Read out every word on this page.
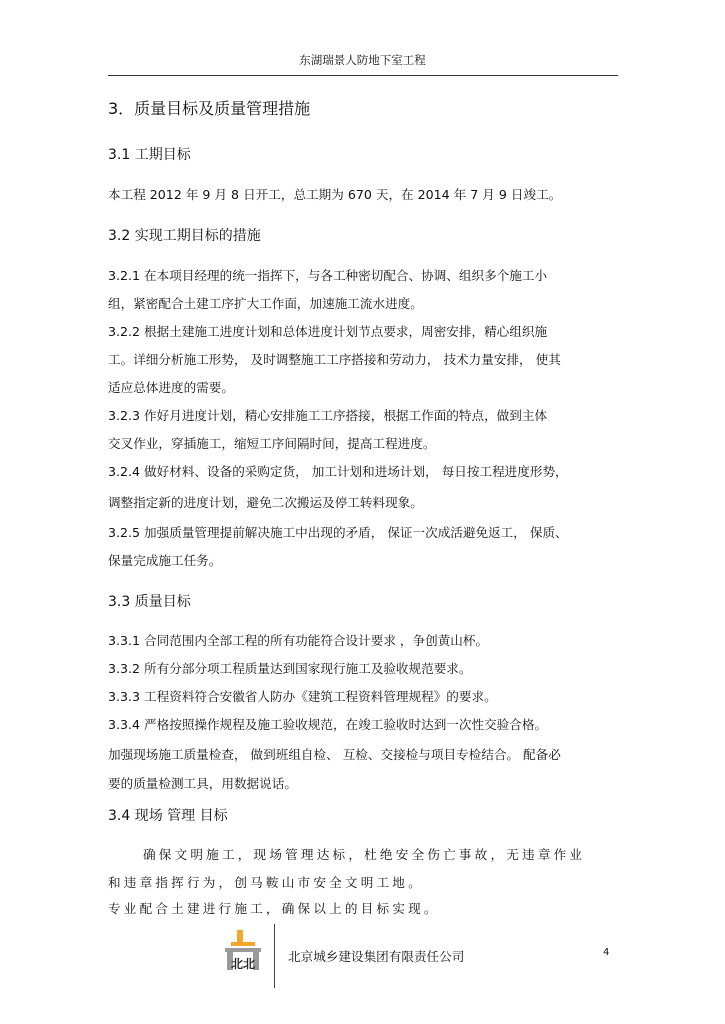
东湖瑞景人防地下室工程
3．质量目标及质量管理措施
3.1 工期目标
本工程 2012 年 9 月 8 日开工，总工期为 670 天，在 2014 年 7 月 9 日竣工。
3.2 实现工期目标的措施
3.2.1 在本项目经理的统一指挥下，与各工种密切配合、协调、组织多个施工小
组，紧密配合土建工序扩大工作面，加速施工流水进度。
3.2.2 根据土建施工进度计划和总体进度计划节点要求，周密安排，精心组织施
工。详细分析施工形势， 及时调整施工工序搭接和劳动力， 技术力量安排， 使其
适应总体进度的需要。
3.2.3 作好月进度计划，精心安排施工工序搭接，根据工作面的特点，做到主体
交叉作业，穿插施工，缩短工序间隔时间，提高工程进度。
3.2.4 做好材料、设备的采购定货， 加工计划和进场计划， 每日按工程进度形势，
调整指定新的进度计划，避免二次搬运及停工转料现象。
3.2.5 加强质量管理提前解决施工中出现的矛盾， 保证一次成活避免返工， 保质、
保量完成施工任务。
3.3 质量目标
3.3.1 合同范围内全部工程的所有功能符合设计要求 ，争创黄山杯。
3.3.2 所有分部分项工程质量达到国家现行施工及验收规范要求。
3.3.3 工程资料符合安徽省人防办《建筑工程资料管理规程》的要求。
3.3.4 严格按照操作规程及施工验收规范，在竣工验收时达到一次性交验合格。
加强现场施工质量检查， 做到班组自检、 互检、交接检与项目专检结合。 配备必
要的质量检测工具，用数据说话。
3.4 现场 管理 目标
确保文明施工，现场管理达标，杜绝安全伤亡事故，无违章作业
和违章指挥行为，创马鞍山市安全文明工地。
专业配合土建进行施工，确保以上的目标实现。
北北	北京城乡建设集团有限责任公司	4
